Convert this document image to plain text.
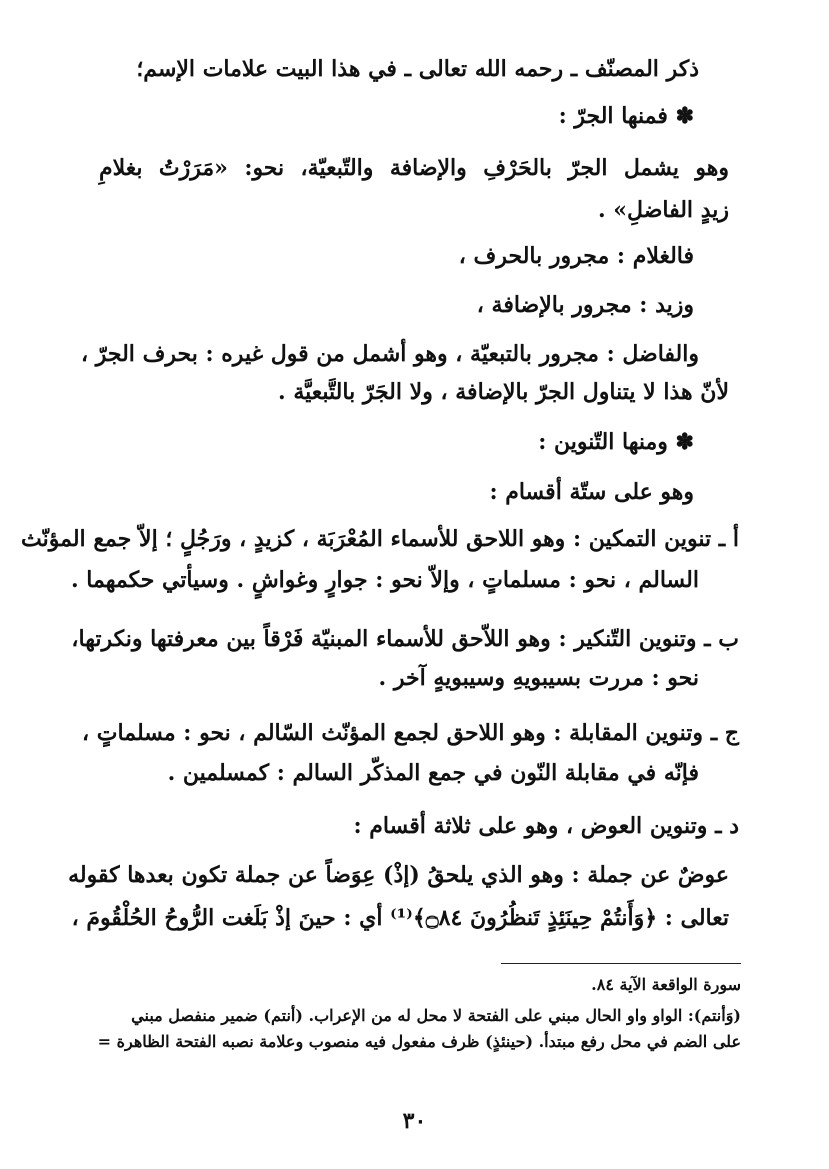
ذكر المصنّف ـ رحمه الله تعالى ـ في هذا البيت علامات الإسم؛
✽ فمنها الجرّ :
وهو يشمل الجرّ بالحَرْفِ والإضافة والتّبعيّة، نحو: «مَرَرْتُ بغلامِ
زيدٍ الفاضلِ» .
فالغلام : مجرور بالحرف ،
وزيد : مجرور بالإضافة ،
والفاضل : مجرور بالتبعيّة ، وهو أشمل من قول غيره : بحرف الجرّ ،
لأنّ هذا لا يتناول الجرّ بالإضافة ، ولا الجَرّ بالتَّبعيَّة .
✽ ومنها التّنوين :
وهو على ستّة أقسام :
أ ـ تنوين التمكين : وهو اللاحق للأسماء المُعْرَبَة ، كزيدٍ ، ورَجُلٍ ؛ إلاّ جمع المؤنّث
السالم ، نحو : مسلماتٍ ، وإلاّ نحو : جوارٍ وغواشٍ . وسيأتي حكمهما .
ب ـ وتنوين التّنكير : وهو اللاّحق للأسماء المبنيّة فَرْقاً بين معرفتها ونكرتها،
نحو : مررت بسيبويهِ وسيبويهٍ آخر .
ج ـ وتنوين المقابلة : وهو اللاحق لجمع المؤنّث السّالم ، نحو : مسلماتٍ ،
فإنّه في مقابلة النّون في جمع المذكّر السالم : كمسلمين .
د ـ وتنوين العوض ، وهو على ثلاثة أقسام :
عوضٌ عن جملة : وهو الذي يلحقُ (إذْ) عِوَضاً عن جملة تكون بعدها كقوله
تعالى : ﴿وَأَنتُمْ حِينَئِذٍ تَنظُرُونَ ۝٨٤﴾⁽¹⁾ أي : حينَ إذْ بَلَغت الرُّوحُ الحُلْقُومَ ،
سورة الواقعة الآية ٨٤.
(وَأنتم): الواو واو الحال مبني على الفتحة لا محل له من الإعراب. (أنتم) ضمير منفصل مبني
على الضم في محل رفع مبتدأ. (حينئذٍ) ظرف مفعول فيه منصوب وعلامة نصبه الفتحة الظاهرة =
٣٠
